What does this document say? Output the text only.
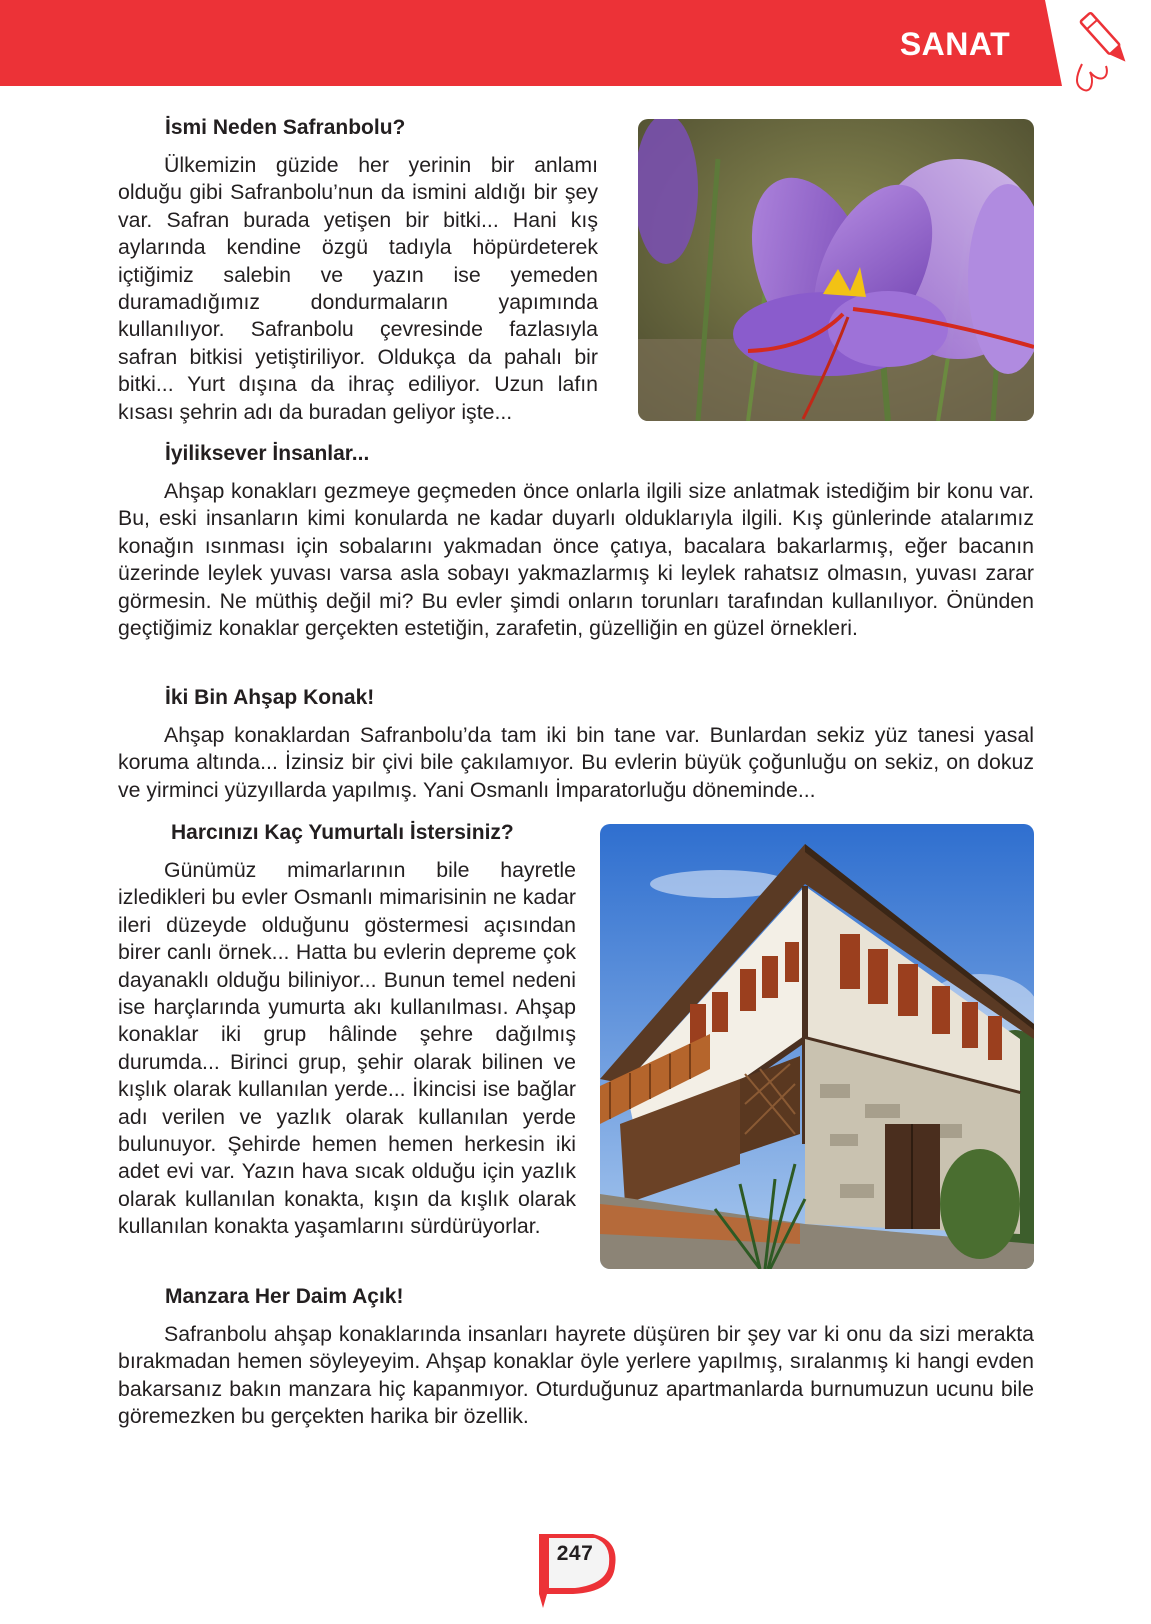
SANAT
İsmi Neden Safranbolu?

Ülkemizin güzide her yerinin bir anlamı olduğu gibi Safranbolu’nun da ismini aldığı bir şey var. Safran burada yetişen bir bitki... Hani kış aylarında kendine özgü tadıyla höpürdeterek içtiğimiz salebin ve yazın ise yemeden duramadığımız dondurmaların yapımında kullanılıyor. Safranbolu çevresinde fazlasıyla safran bitkisi yetiştiriliyor. Oldukça da pahalı bir bitki... Yurt dışına da ihraç ediliyor. Uzun lafın kısası şehrin adı da buradan geliyor işte...

İyiliksever İnsanlar...

Ahşap konakları gezmeye geçmeden önce onlarla ilgili size anlatmak istediğim bir konu var. Bu, eski insanların kimi konularda ne kadar duyarlı olduklarıyla ilgili. Kış günlerinde atalarımız konağın ısınması için sobalarını yakmadan önce çatıya, bacalara bakarlarmış, eğer bacanın üzerinde leylek yuvası varsa asla sobayı yakmazlarmış ki leylek rahatsız olmasın, yuvası zarar görmesin. Ne müthiş değil mi? Bu evler şimdi onların torunları tarafından kullanılıyor. Önünden geçtiğimiz konaklar gerçekten estetiğin, zarafetin, güzelliğin en güzel örnekleri.

İki Bin Ahşap Konak!

Ahşap konaklardan Safranbolu’da tam iki bin tane var. Bunlardan sekiz yüz tanesi yasal koruma altında... İzinsiz bir çivi bile çakılamıyor. Bu evlerin büyük çoğunluğu on sekiz, on dokuz ve yirminci yüzyıllarda yapılmış. Yani Osmanlı İmparatorluğu döneminde...

Harcınızı Kaç Yumurtalı İstersiniz?

Günümüz mimarlarının bile hayretle izledikleri bu evler Osmanlı mimarisinin ne kadar ileri düzeyde olduğunu göstermesi açısından birer canlı örnek... Hatta bu evlerin depreme çok dayanaklı olduğu biliniyor... Bunun temel nedeni ise harçlarında yumurta akı kullanılması. Ahşap konaklar iki grup hâlinde şehre dağılmış durumda... Birinci grup, şehir olarak bilinen ve kışlık olarak kullanılan yerde... İkincisi ise bağlar adı verilen ve yazlık olarak kullanılan yerde bulunuyor. Şehirde hemen hemen herkesin iki adet evi var. Yazın hava sıcak olduğu için yazlık olarak kullanılan konakta, kışın da kışlık olarak kullanılan konakta yaşamlarını sürdürüyorlar.

Manzara Her Daim Açık!

Safranbolu ahşap konaklarında insanları hayrete düşüren bir şey var ki onu da sizi merakta bırakmadan hemen söyleyeyim. Ahşap konaklar öyle yerlere yapılmış, sıralanmış ki hangi evden bakarsanız bakın manzara hiç kapanmıyor. Oturduğunuz apartmanlarda burnumuzun ucunu bile göremezken bu gerçekten harika bir özellik.

247
